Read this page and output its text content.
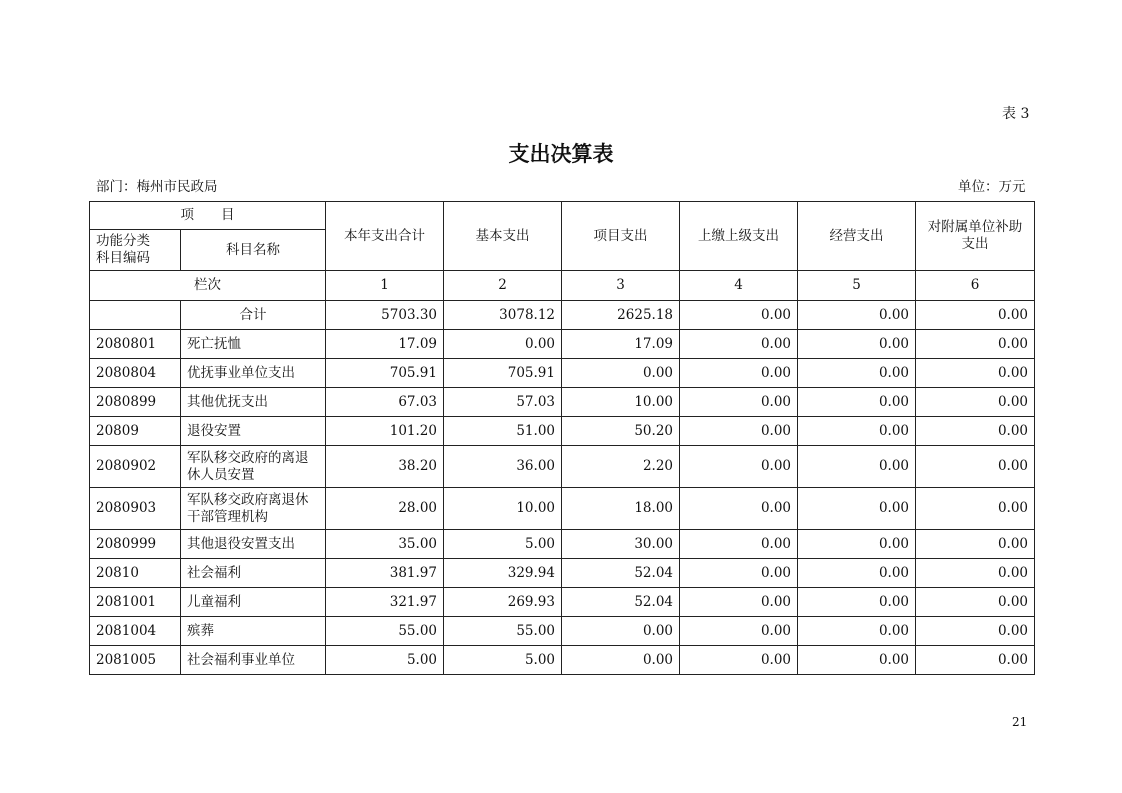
表 3
支出决算表
部门：梅州市民政局	单位：万元
项　　目		本年支出合计	基本支出	项目支出	上缴上级支出	经营支出	对附属单位补助支出
功能分类
科目编码	科目名称						
栏次		1	2	3	4	5	6
	合计	5703.30	3078.12	2625.18	0.00	0.00	0.00
2080801	死亡抚恤	17.09	0.00	17.09	0.00	0.00	0.00
2080804	优抚事业单位支出	705.91	705.91	0.00	0.00	0.00	0.00
2080899	其他优抚支出	67.03	57.03	10.00	0.00	0.00	0.00
20809	退役安置	101.20	51.00	50.20	0.00	0.00	0.00
2080902	军队移交政府的离退
休人员安置	38.20	36.00	2.20	0.00	0.00	0.00
2080903	军队移交政府离退休
干部管理机构	28.00	10.00	18.00	0.00	0.00	0.00
2080999	其他退役安置支出	35.00	5.00	30.00	0.00	0.00	0.00
20810	社会福利	381.97	329.94	52.04	0.00	0.00	0.00
2081001	儿童福利	321.97	269.93	52.04	0.00	0.00	0.00
2081004	殡葬	55.00	55.00	0.00	0.00	0.00	0.00
2081005	社会福利事业单位	5.00	5.00	0.00	0.00	0.00	0.00
21
